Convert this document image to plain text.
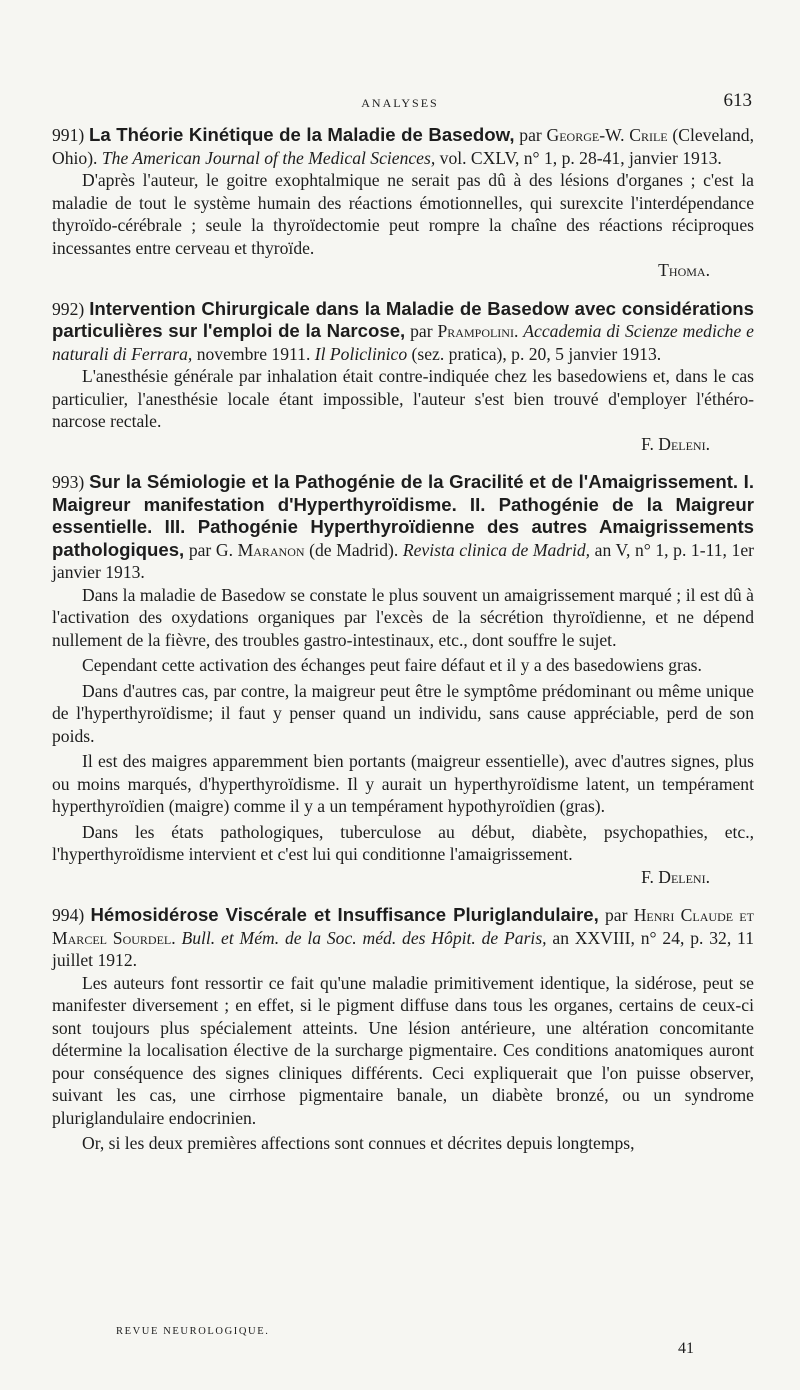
ANALYSES	613

991) La Théorie Kinétique de la Maladie de Basedow, par George-W. Crile (Cleveland, Ohio). The American Journal of the Medical Sciences, vol. CXLV, n° 1, p. 28-41, janvier 1913.

D'après l'auteur, le goitre exophtalmique ne serait pas dû à des lésions d'organes ; c'est la maladie de tout le système humain des réactions émotionnelles, qui surexcite l'interdépendance thyroïdo-cérébrale ; seule la thyroïdectomie peut rompre la chaîne des réactions réciproques incessantes entre cerveau et thyroïde.

Thoma.

992) Intervention Chirurgicale dans la Maladie de Basedow avec considérations particulières sur l'emploi de la Narcose, par Prampolini. Accademia di Scienze mediche e naturali di Ferrara, novembre 1911. Il Policlinico (sez. pratica), p. 20, 5 janvier 1913.

L'anesthésie générale par inhalation était contre-indiquée chez les basedowiens et, dans le cas particulier, l'anesthésie locale étant impossible, l'auteur s'est bien trouvé d'employer l'éthéro-narcose rectale.

F. Deleni.

993) Sur la Sémiologie et la Pathogénie de la Gracilité et de l'Amaigrissement. I. Maigreur manifestation d'Hyperthyroïdisme. II. Pathogénie de la Maigreur essentielle. III. Pathogénie Hyperthyroïdienne des autres Amaigrissements pathologiques, par G. Maranon (de Madrid). Revista clinica de Madrid, an V, n° 1, p. 1-11, 1er janvier 1913.

Dans la maladie de Basedow se constate le plus souvent un amaigrissement marqué ; il est dû à l'activation des oxydations organiques par l'excès de la sécrétion thyroïdienne, et ne dépend nullement de la fièvre, des troubles gastro-intestinaux, etc., dont souffre le sujet.

Cependant cette activation des échanges peut faire défaut et il y a des basedowiens gras.

Dans d'autres cas, par contre, la maigreur peut être le symptôme prédominant ou même unique de l'hyperthyroïdisme; il faut y penser quand un individu, sans cause appréciable, perd de son poids.

Il est des maigres apparemment bien portants (maigreur essentielle), avec d'autres signes, plus ou moins marqués, d'hyperthyroïdisme. Il y aurait un hyperthyroïdisme latent, un tempérament hyperthyroïdien (maigre) comme il y a un tempérament hypothyroïdien (gras).

Dans les états pathologiques, tuberculose au début, diabète, psychopathies, etc., l'hyperthyroïdisme intervient et c'est lui qui conditionne l'amaigrissement.

F. Deleni.

994) Hémosidérose Viscérale et Insuffisance Pluriglandulaire, par Henri Claude et Marcel Sourdel. Bull. et Mém. de la Soc. méd. des Hôpit. de Paris, an XXVIII, n° 24, p. 32, 11 juillet 1912.

Les auteurs font ressortir ce fait qu'une maladie primitivement identique, la sidérose, peut se manifester diversement ; en effet, si le pigment diffuse dans tous les organes, certains de ceux-ci sont toujours plus spécialement atteints. Une lésion antérieure, une altération concomitante détermine la localisation élective de la surcharge pigmentaire. Ces conditions anatomiques auront pour conséquence des signes cliniques différents. Ceci expliquerait que l'on puisse observer, suivant les cas, une cirrhose pigmentaire banale, un diabète bronzé, ou un syndrome pluriglandulaire endocrinien.

Or, si les deux premières affections sont connues et décrites depuis longtemps,

REVUE NEUROLOGIQUE.
41
